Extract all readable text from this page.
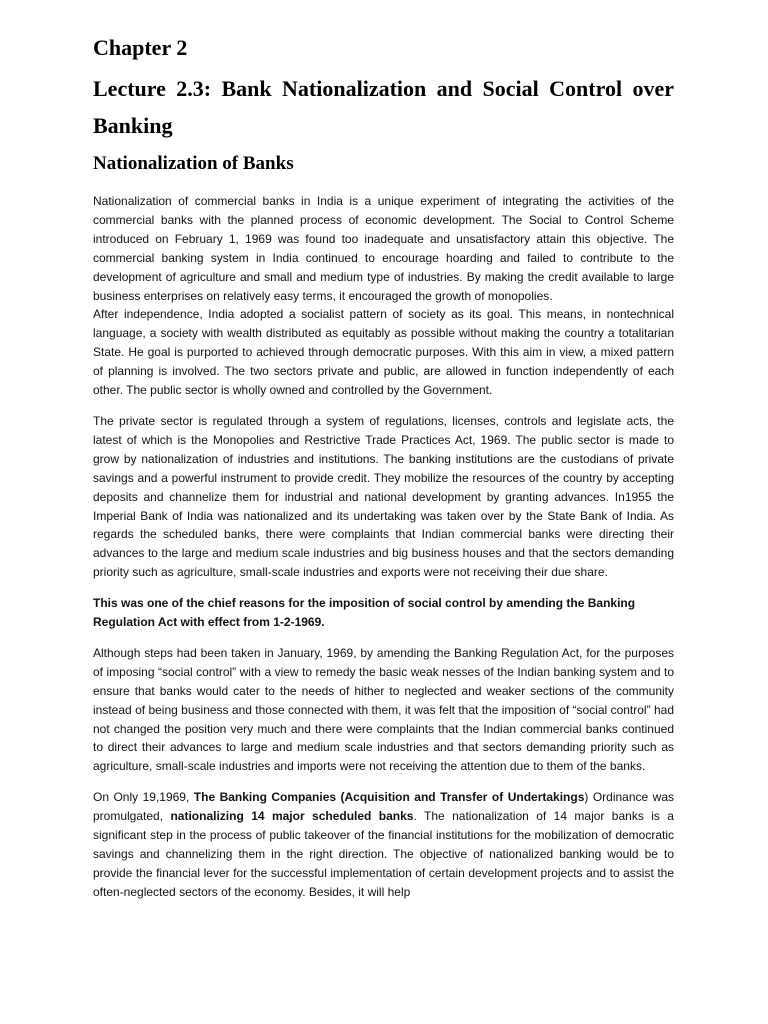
Chapter 2
Lecture 2.3: Bank Nationalization and Social Control over Banking
Nationalization of Banks

Nationalization of commercial banks in India is a unique experiment of integrating the activities of the commercial banks with the planned process of economic development. The Social to Control Scheme introduced on February 1, 1969 was found too inadequate and unsatisfactory attain this objective. The commercial banking system in India continued to encourage hoarding and failed to contribute to the development of agriculture and small and medium type of industries. By making the credit available to large business enterprises on relatively easy terms, it encouraged the growth of monopolies.

After independence, India adopted a socialist pattern of society as its goal. This means, in nontechnical language, a society with wealth distributed as equitably as possible without making the country a totalitarian State. He goal is purported to achieved through democratic purposes. With this aim in view, a mixed pattern of planning is involved. The two sectors private and public, are allowed in function independently of each other. The public sector is wholly owned and controlled by the Government.

The private sector is regulated through a system of regulations, licenses, controls and legislate acts, the latest of which is the Monopolies and Restrictive Trade Practices Act, 1969. The public sector is made to grow by nationalization of industries and institutions. The banking institutions are the custodians of private savings and a powerful instrument to provide credit. They mobilize the resources of the country by accepting deposits and channelize them for industrial and national development by granting advances. In1955 the Imperial Bank of India was nationalized and its undertaking was taken over by the State Bank of India. As regards the scheduled banks, there were complaints that Indian commercial banks were directing their advances to the large and medium scale industries and big business houses and that the sectors demanding priority such as agriculture, small-scale industries and exports were not receiving their due share.

This was one of the chief reasons for the imposition of social control by amending the Banking Regulation Act with effect from 1-2-1969.

Although steps had been taken in January, 1969, by amending the Banking Regulation Act, for the purposes of imposing “social control” with a view to remedy the basic weak nesses of the Indian banking system and to ensure that banks would cater to the needs of hither to neglected and weaker sections of the community instead of being business and those connected with them, it was felt that the imposition of “social control” had not changed the position very much and there were complaints that the Indian commercial banks continued to direct their advances to large and medium scale industries and that sectors demanding priority such as agriculture, small-scale industries and imports were not receiving the attention due to them of the banks.

On Only 19,1969, The Banking Companies (Acquisition and Transfer of Undertakings) Ordinance was promulgated, nationalizing 14 major scheduled banks. The nationalization of 14 major banks is a significant step in the process of public takeover of the financial institutions for the mobilization of democratic savings and channelizing them in the right direction. The objective of nationalized banking would be to provide the financial lever for the successful implementation of certain development projects and to assist the often-neglected sectors of the economy. Besides, it will help
